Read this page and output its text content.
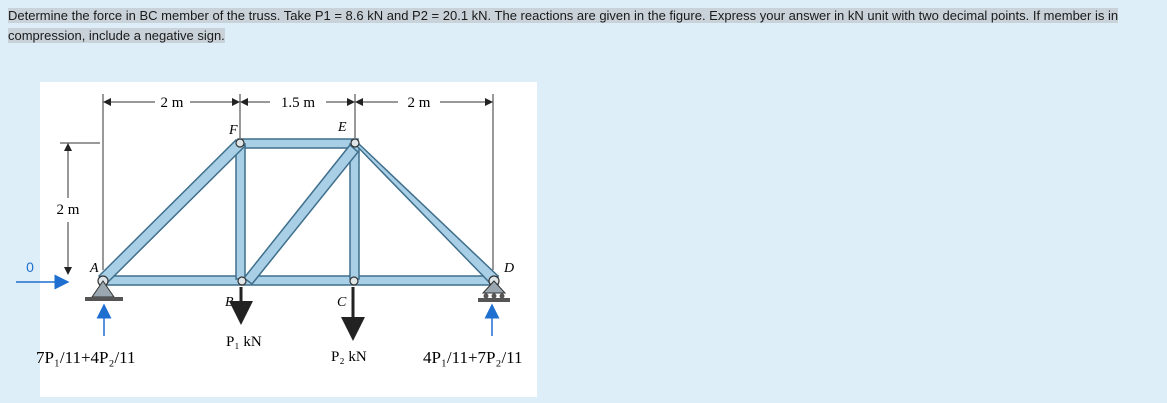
Determine the force in BC member of the truss. Take P1 = 8.6 kN and P2 = 20.1 kN. The reactions are given in the figure. Express your answer in kN unit with two decimal points. If member is in
compression, include a negative sign.
2 m	1.5 m	2 m
2 m
A
B	C
D
E
F
P₁ kN
P₂ kN
0
7P₁/11+4P₂/11	4P₁/11+7P₂/11
